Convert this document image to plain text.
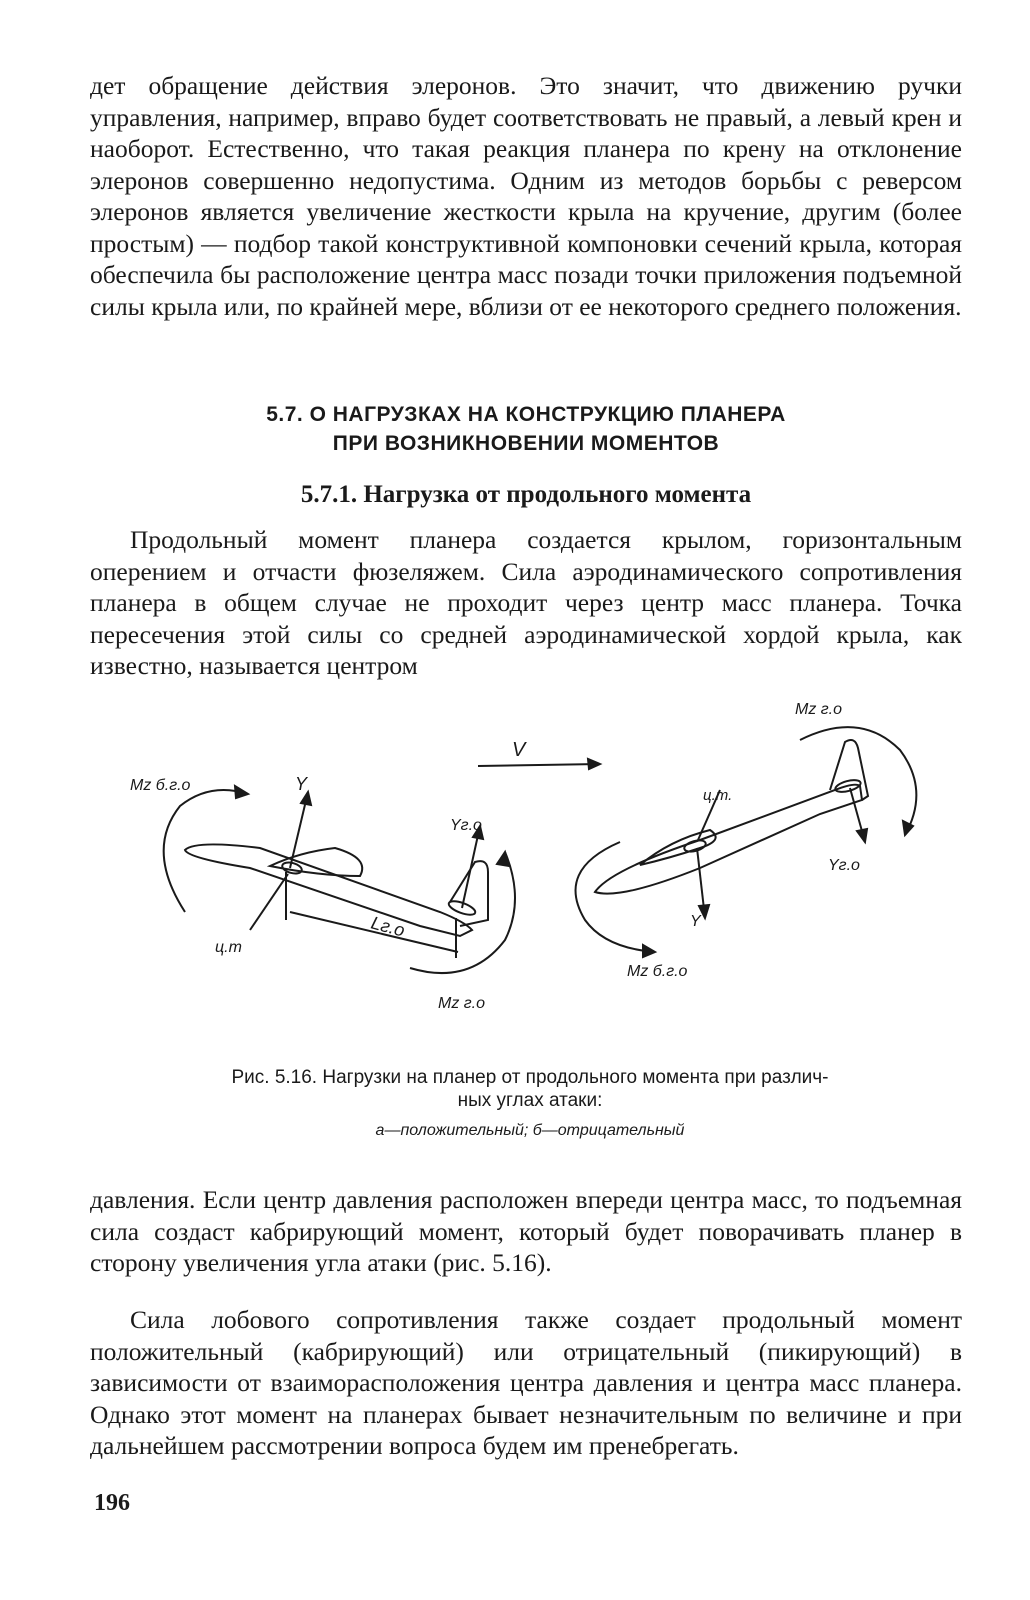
дет обращение действия элеронов. Это значит, что движению ручки управления, например, вправо будет соответствовать не правый, а левый крен и наоборот. Естественно, что такая реакция планера по крену на отклонение элеронов совершенно недопустима. Одним из методов борьбы с реверсом элеронов является увеличение жесткости крыла на кручение, другим (более простым) — подбор такой конструктивной компоновки сечений крыла, которая обеспечила бы расположение центра масс позади точки приложения подъемной силы крыла или, по крайней мере, вблизи от ее некоторого среднего положения.

5.7. О НАГРУЗКАХ НА КОНСТРУКЦИЮ ПЛАНЕРА
ПРИ ВОЗНИКНОВЕНИИ МОМЕНТОВ
5.7.1. Нагрузка от продольного момента

Продольный момент планера создается крылом, горизонтальным оперением и отчасти фюзеляжем. Сила аэродинамического сопротивления планера в общем случае не проходит через центр масс планера. Точка пересечения этой силы со средней аэродинамической хордой крыла, как известно, называется центром

V
Mz б.г.о	Y
Yг.о
ц.т
Lг.о
Mz г.о
Mz г.о
ц.т.
Yг.о
Y
Mz б.г.о
Рис. 5.16. Нагрузки на планер от продольного момента при различ-
ных углах атаки:
а—положительный; б—отрицательный

давления. Если центр давления расположен впереди центра масс, то подъемная сила создаст кабрирующий момент, который будет поворачивать планер в сторону увеличения угла атаки (рис. 5.16).

Сила лобового сопротивления также создает продольный момент положительный (кабрирующий) или отрицательный (пикирующий) в зависимости от взаиморасположения центра давления и центра масс планера. Однако этот момент на планерах бывает незначительным по величине и при дальнейшем рассмотрении вопроса будем им пренебрегать.

196
